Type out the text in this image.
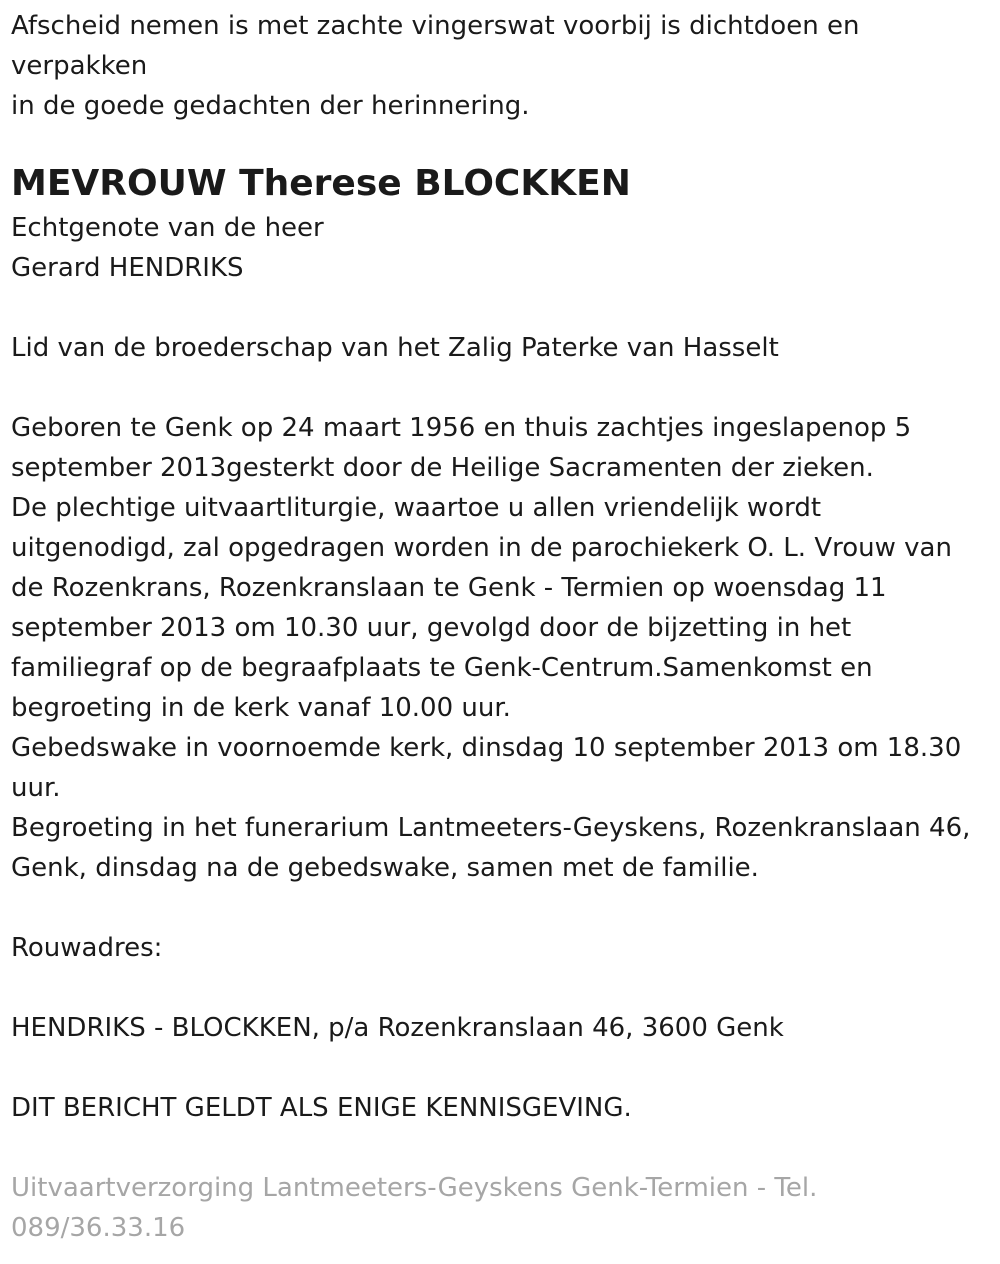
Afscheid nemen is met zachte vingerswat voorbij is dichtdoen en
verpakken
in de goede gedachten der herinnering.
MEVROUW Therese BLOCKKEN
Echtgenote van de heer
Gerard HENDRIKS
Lid van de broederschap van het Zalig Paterke van Hasselt
Geboren te Genk op 24 maart 1956 en thuis zachtjes ingeslapenop 5
september 2013gesterkt door de Heilige Sacramenten der zieken.
De plechtige uitvaartliturgie, waartoe u allen vriendelijk wordt
uitgenodigd, zal opgedragen worden in de parochiekerk O. L. Vrouw van
de Rozenkrans, Rozenkranslaan te Genk - Termien op woensdag 11
september 2013 om 10.30 uur, gevolgd door de bijzetting in het
familiegraf op de begraafplaats te Genk-Centrum.Samenkomst en
begroeting in de kerk vanaf 10.00 uur.
Gebedswake in voornoemde kerk, dinsdag 10 september 2013 om 18.30
uur.
Begroeting in het funerarium Lantmeeters-Geyskens, Rozenkranslaan 46,
Genk, dinsdag na de gebedswake, samen met de familie.
Rouwadres:
HENDRIKS - BLOCKKEN, p/a Rozenkranslaan 46, 3600 Genk
DIT BERICHT GELDT ALS ENIGE KENNISGEVING.
Uitvaartverzorging Lantmeeters-Geyskens Genk-Termien - Tel.
089/36.33.16
